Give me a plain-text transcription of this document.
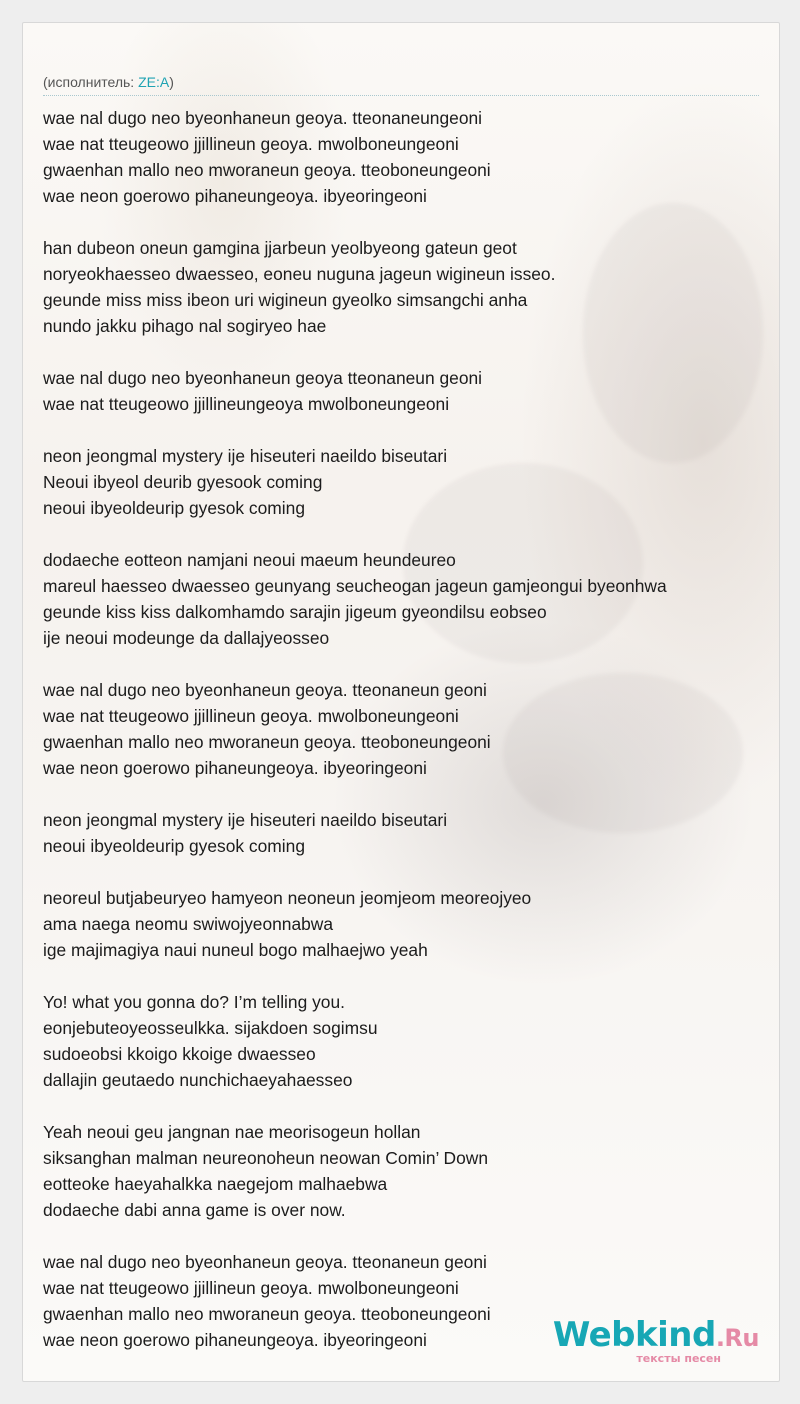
(исполнитель: ZE:A)
wae nal dugo neo byeonhaneun geoya. tteonaneungeoni
wae nat tteugeowo jjillineun geoya. mwolboneungeoni
gwaenhan mallo neo mworaneun geoya. tteoboneungeoni
wae neon goerowo pihaneungeoya. ibyeoringeoni
han dubeon oneun gamgina jjarbeun yeolbyeong gateun geot
noryeokhaesseo dwaesseo, eoneu nuguna jageun wigineun isseo.
geunde miss miss ibeon uri wigineun gyeolko simsangchi anha
nundo jakku pihago nal sogiryeo hae
wae nal dugo neo byeonhaneun geoya tteonaneun geoni
wae nat tteugeowo jjillineungeoya mwolboneungeoni
neon jeongmal mystery ije hiseuteri naeildo biseutari
Neoui ibyeol deurib gyesook coming
neoui ibyeoldeurip gyesok coming
dodaeche eotteon namjani neoui maeum heundeureo
mareul haesseo dwaesseo geunyang seucheogan jageun gamjeongui byeonhwa
geunde kiss kiss dalkomhamdo sarajin jigeum gyeondilsu eobseo
ije neoui modeunge da dallajyeosseo
wae nal dugo neo byeonhaneun geoya. tteonaneun geoni
wae nat tteugeowo jjillineun geoya. mwolboneungeoni
gwaenhan mallo neo mworaneun geoya. tteoboneungeoni
wae neon goerowo pihaneungeoya. ibyeoringeoni
neon jeongmal mystery ije hiseuteri naeildo biseutari
neoui ibyeoldeurip gyesok coming
neoreul butjabeuryeo hamyeon neoneun jeomjeom meoreojyeo
ama naega neomu swiwojyeonnabwa
ige majimagiya naui nuneul bogo malhaejwo yeah
Yo! what you gonna do? I’m telling you.
eonjebuteoyeosseulkka. sijakdoen sogimsu
sudoeobsi kkoigo kkoige dwaesseo
dallajin geutaedo nunchichaeyahaesseo
Yeah neoui geu jangnan nae meorisogeun hollan
siksanghan malman neureonoheun neowan Comin’ Down
eotteoke haeyahalkka naegejom malhaebwa
dodaeche dabi anna game is over now.
wae nal dugo neo byeonhaneun geoya. tteonaneun geoni
wae nat tteugeowo jjillineun geoya. mwolboneungeoni
gwaenhan mallo neo mworaneun geoya. tteoboneungeoni
wae neon goerowo pihaneungeoya. ibyeoringeoni	Webkind.Ru
тексты песен
